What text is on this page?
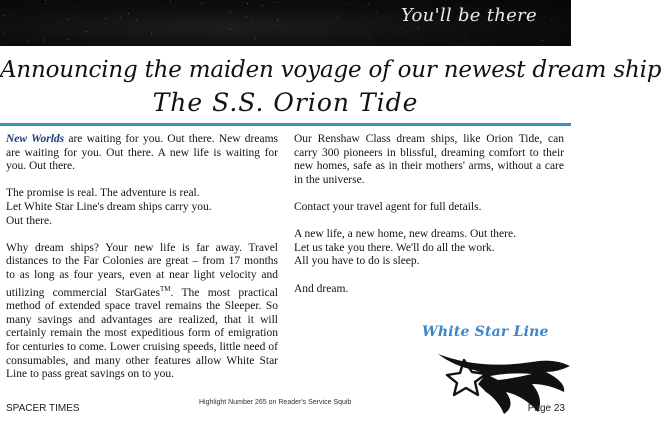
You'll be there
Announcing the maiden voyage of our newest dream ship
The S.S. Orion Tide

New Worlds are waiting for you. Out there. New dreams are waiting for you. Out there. A new life is waiting for you. Out there.

The promise is real. The adventure is real.
Let White Star Line's dream ships carry you.
Out there.

Why dream ships? Your new life is far away. Travel distances to the Far Colonies are great – from 17 months to as long as four years, even at near light velocity and utilizing commercial StarGates™. The most practical method of extended space travel remains the Sleeper. So many savings and advantages are realized, that it will certainly remain the most expeditious form of emigration for centuries to come. Lower cruising speeds, little need of consumables, and many other features allow White Star Line to pass great savings on to you.

Our Renshaw Class dream ships, like Orion Tide, can carry 300 pioneers in blissful, dreaming comfort to their new homes, safe as in their mothers' arms, without a care in the universe.

Contact your travel agent for full details.

A new life, a new home, new dreams. Out there.
Let us take you there. We'll do all the work.
All you have to do is sleep.

And dream.

White Star Line
SPACER TIMES
Highlight Number 265 on Reader's Service Squib
Page 23
